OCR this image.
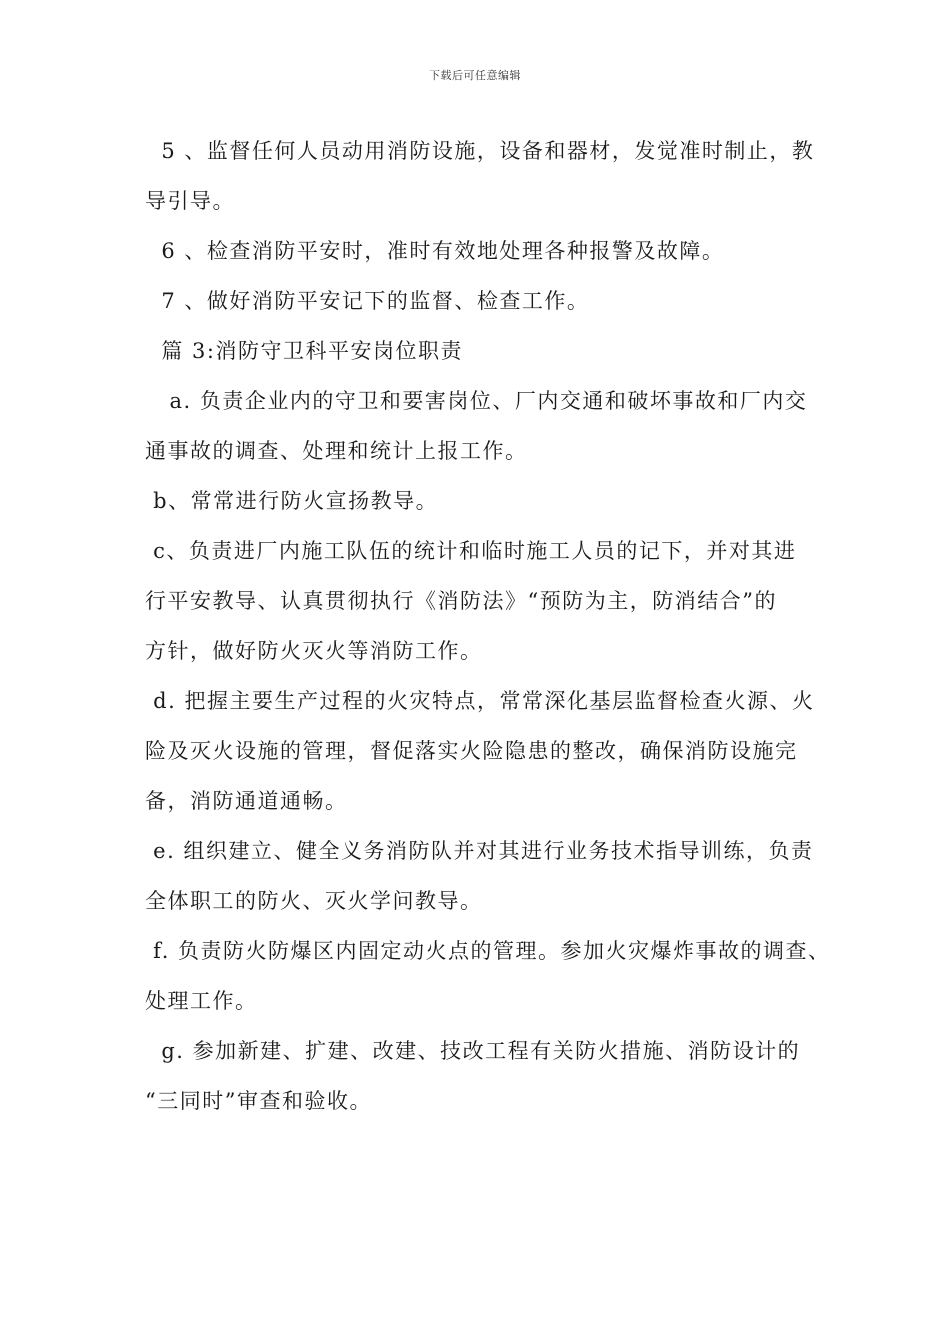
下载后可任意编辑
5 、监督任何人员动用消防设施，设备和器材，发觉准时制止，教
导引导。
6 、检查消防平安时，准时有效地处理各种报警及故障。
7 、做好消防平安记下的监督、检查工作。
篇 3:消防守卫科平安岗位职责
a. 负责企业内的守卫和要害岗位、厂内交通和破坏事故和厂内交
通事故的调查、处理和统计上报工作。
b、常常进行防火宣扬教导。
c、负责进厂内施工队伍的统计和临时施工人员的记下，并对其进
行平安教导、认真贯彻执行《消防法》“预防为主，防消结合”的
方针，做好防火灭火等消防工作。
d. 把握主要生产过程的火灾特点，常常深化基层监督检查火源、火
险及灭火设施的管理，督促落实火险隐患的整改，确保消防设施完
备，消防通道通畅。
e. 组织建立、健全义务消防队并对其进行业务技术指导训练，负责
全体职工的防火、灭火学问教导。
f. 负责防火防爆区内固定动火点的管理。参加火灾爆炸事故的调查、
处理工作。
g. 参加新建、扩建、改建、技改工程有关防火措施、消防设计的
“三同时”审查和验收。
